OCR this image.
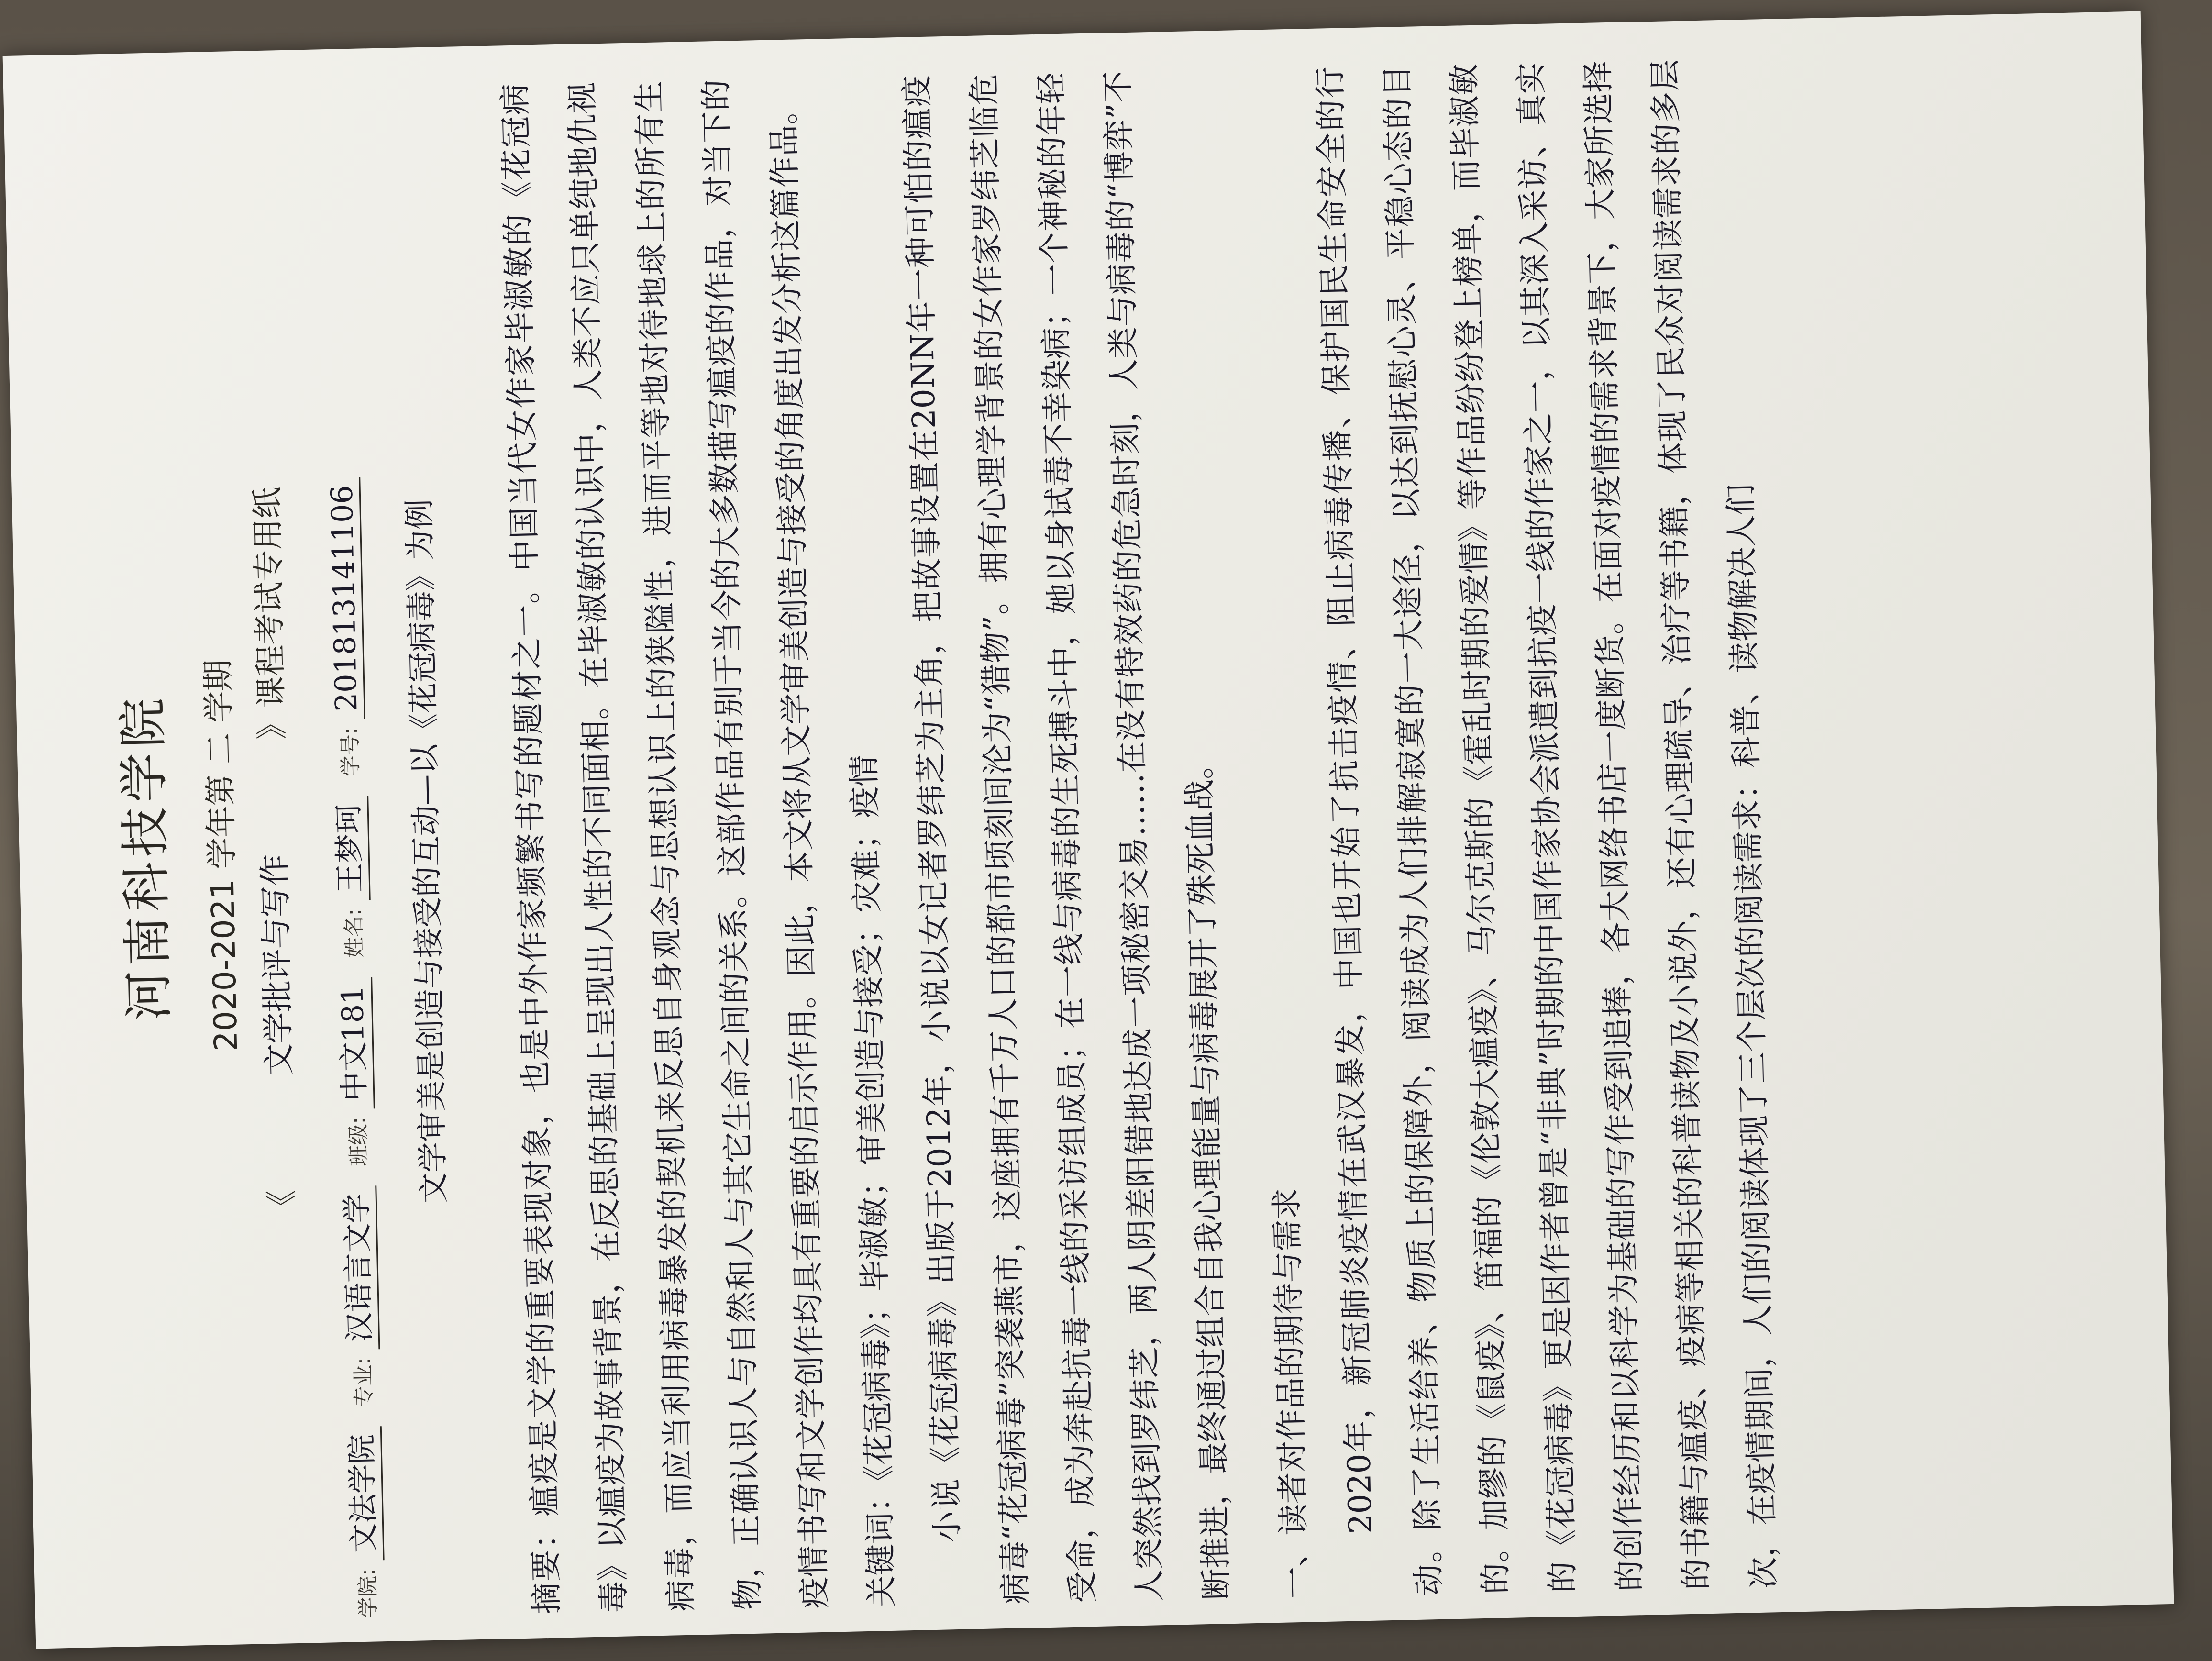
河南科技学院 2020-2021 学年第 二 学期
《 文学批评与写作 》课程考试专用纸
学院: 文法学院 专业: 汉语言文学 班级: 中文181 姓名: 王梦珂 学号: 201813141106	文学审美是创造与接受的互动—以《花冠病毒》为例	摘要：瘟疫是文学的重要表现对象，也是中外作家频繁书写的题材之一。中国当代女作家毕淑敏的《花冠病毒》以瘟疫为故事背景，在反思的基础上呈现出人性的不同面相。在毕淑敏的认识中，人类不应只单纯地仇视病毒，而应当利用病毒暴发的契机来反思自身观念与思想认识上的狭隘性，进而平等地对待地球上的所有生物，正确认识人与自然和人与其它生命之间的关系。这部作品有别于当今的大多数描写瘟疫的作品，对当下的疫情书写和文学创作均具有重要的启示作用。因此，本文将从文学审美创造与接受的角度出发分析这篇作品。 关键词：《花冠病毒》；毕淑敏；审美创造与接受；灾难；疫情

小说《花冠病毒》出版于2012年，小说以女记者罗纬芝为主角，把故事设置在20NN年一种可怕的瘟疫病毒“花冠病毒”突袭燕市，这座拥有千万人口的都市顷刻间沦为“猎物”。拥有心理学背景的女作家罗纬芝临危受命，成为奔赴抗毒一线的采访组成员；在一线与病毒的生死搏斗中，她以身试毒不幸染病；一个神秘的年轻人突然找到罗纬芝，两人阴差阳错地达成一项秘密交易……在没有特效药的危急时刻，人类与病毒的“博弈”不断推进，最终通过组合自我心理能量与病毒展开了殊死血战。	一、读者对作品的期待与需求

2020年，新冠肺炎疫情在武汉暴发，中国也开始了抗击疫情、阻止病毒传播、保护国民生命安全的行动。除了生活给养、物质上的保障外，阅读成为人们排解寂寞的一大途径，以达到抚慰心灵、平稳心态的目的。加缪的《鼠疫》、笛福的《伦敦大瘟疫》、马尔克斯的《霍乱时期的爱情》等作品纷纷登上榜单，而毕淑敏的《花冠病毒》更是因作者曾是“非典”时期的中国作家协会派遣到抗疫一线的作家之一，以其深入采访、真实的创作经历和以科学为基础的写作受到追捧，各大网络书店一度断货。在面对疫情的需求背景下，大家所选择的书籍与瘟疫、疫病等相关的科普读物及小说外，还有心理疏导、治疗等书籍，体现了民众对阅读需求的多层次，在疫情期间，人们的阅读体现了三个层次的阅读需求：科普、读物解决人们
